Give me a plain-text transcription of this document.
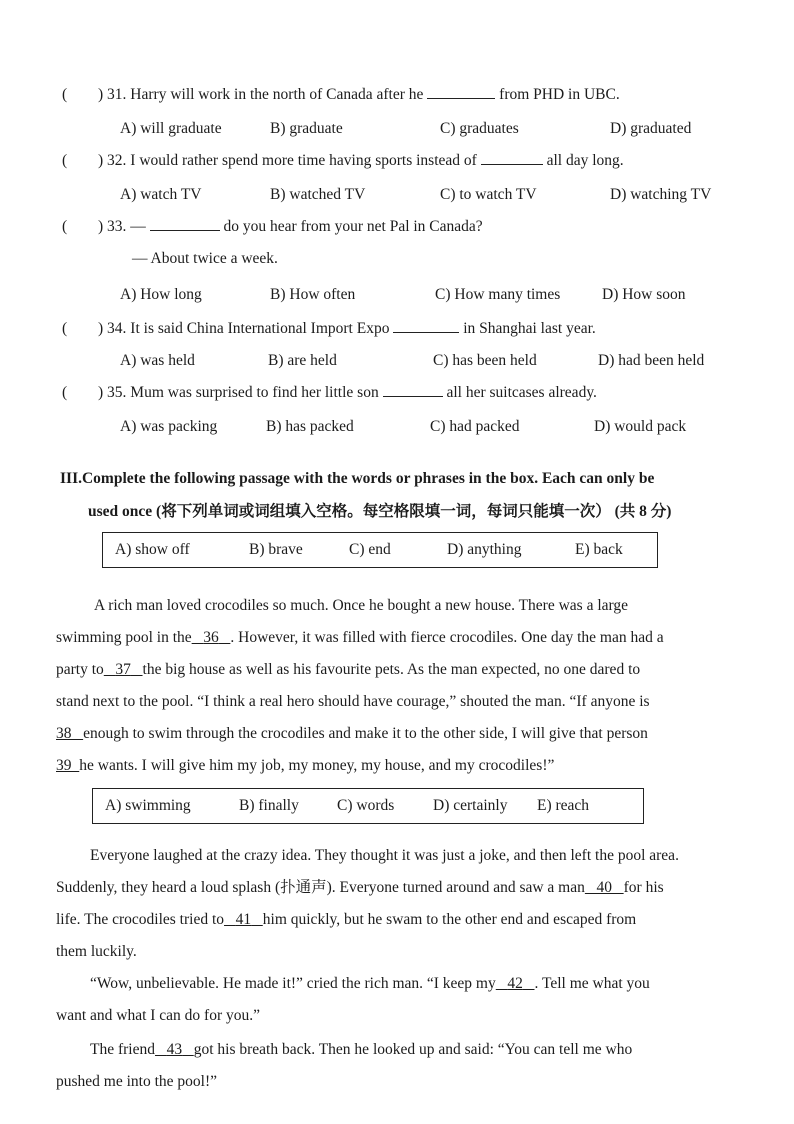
( ) 31. Harry will work in the north of Canada after he	from PHD in UBC.
A) will graduate	B) graduate	C) graduates	D) graduated
( ) 32. I would rather spend more time having sports instead of	all day long.
A) watch TV	B) watched TV	C) to watch TV	D) watching TV
( ) 33. —	do you hear from your net Pal in Canada?
— About twice a week.
A) How long	B) How often	C) How many times	D) How soon
( ) 34. It is said China International Import Expo	in Shanghai last year.
A) was held	B) are held	C) has been held	D) had been held
( ) 35. Mum was surprised to find her little son	all her suitcases already.
A) was packing	B) has packed	C) had packed	D) would pack
III.Complete the following passage with the words or phrases in the box. Each can only be
used once (将下列单词或词组填入空格。每空格限填一词，每词只能填一次） (共 8 分)
A) show off	B) brave	C) end	D) anything	E) back
A rich man loved crocodiles so much. Once he bought a new house. There was a large
swimming pool in the 36 . However, it was filled with fierce crocodiles. One day the man had a
party to 37 the big house as well as his favourite pets. As the man expected, no one dared to
stand next to the pool. “I think a real hero should have courage,” shouted the man. “If anyone is
38 enough to swim through the crocodiles and make it to the other side, I will give that person
39 he wants. I will give him my job, my money, my house, and my crocodiles!”
A) swimming	B) finally C) words D) certainly E) reach
Everyone laughed at the crazy idea. They thought it was just a joke, and then left the pool area.
Suddenly, they heard a loud splash (扑通声). Everyone turned around and saw a man 40 for his
life. The crocodiles tried to 41 him quickly, but he swam to the other end and escaped from
them luckily.
“Wow, unbelievable. He made it!” cried the rich man. “I keep my 42 . Tell me what you
want and what I can do for you.”
The friend 43 got his breath back. Then he looked up and said: “You can tell me who
pushed me into the pool!”
